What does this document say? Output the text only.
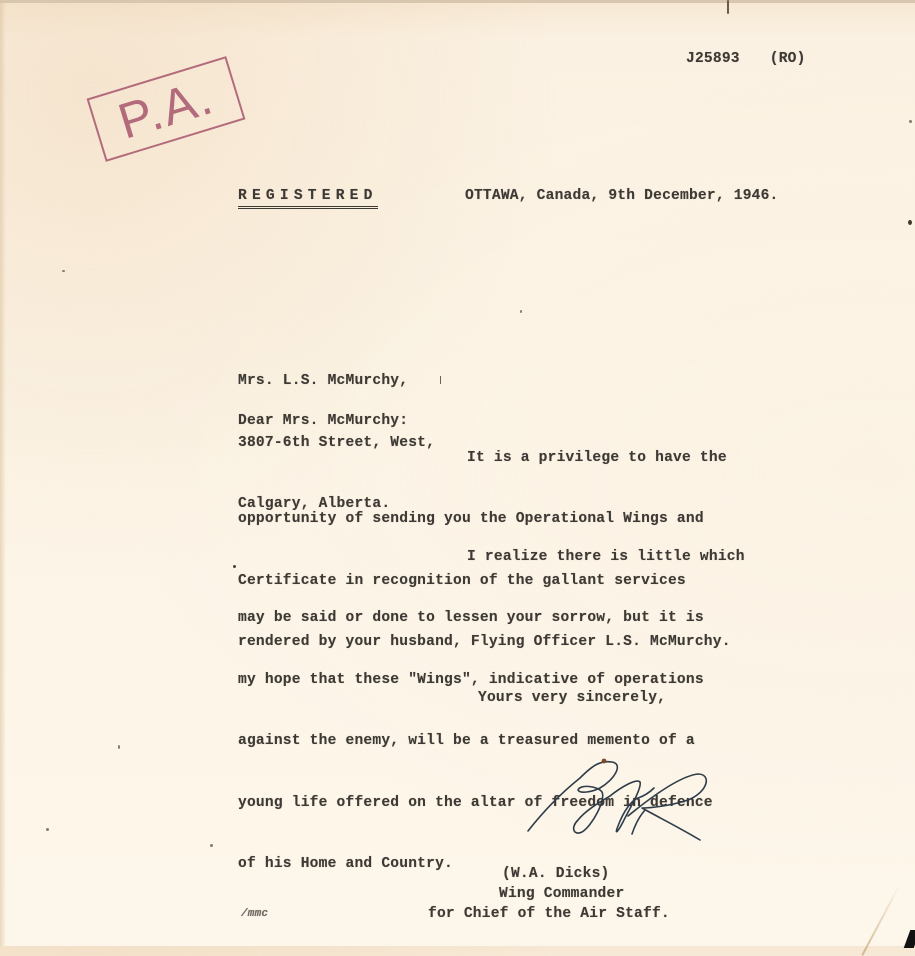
J25893 (RO)
P.A.
REGISTERED	OTTAWA, Canada, 9th December, 1946.

Mrs. L.S. McMurchy,

3807-6th Street, West,

Calgary, Alberta.

Dear Mrs. McMurchy:
It is a privilege to have the

opportunity of sending you the Operational Wings and

Certificate in recognition of the gallant services

rendered by your husband, Flying Officer L.S. McMurchy.

I realize there is little which

may be said or done to lessen your sorrow, but it is

my hope that these "Wings", indicative of operations

against the enemy, will be a treasured memento of a

young life offered on the altar of freedom in defence

of his Home and Country.

Yours very sincerely,
(W.A. Dicks)
Wing Commander
for Chief of the Air Staff.
/mmc
